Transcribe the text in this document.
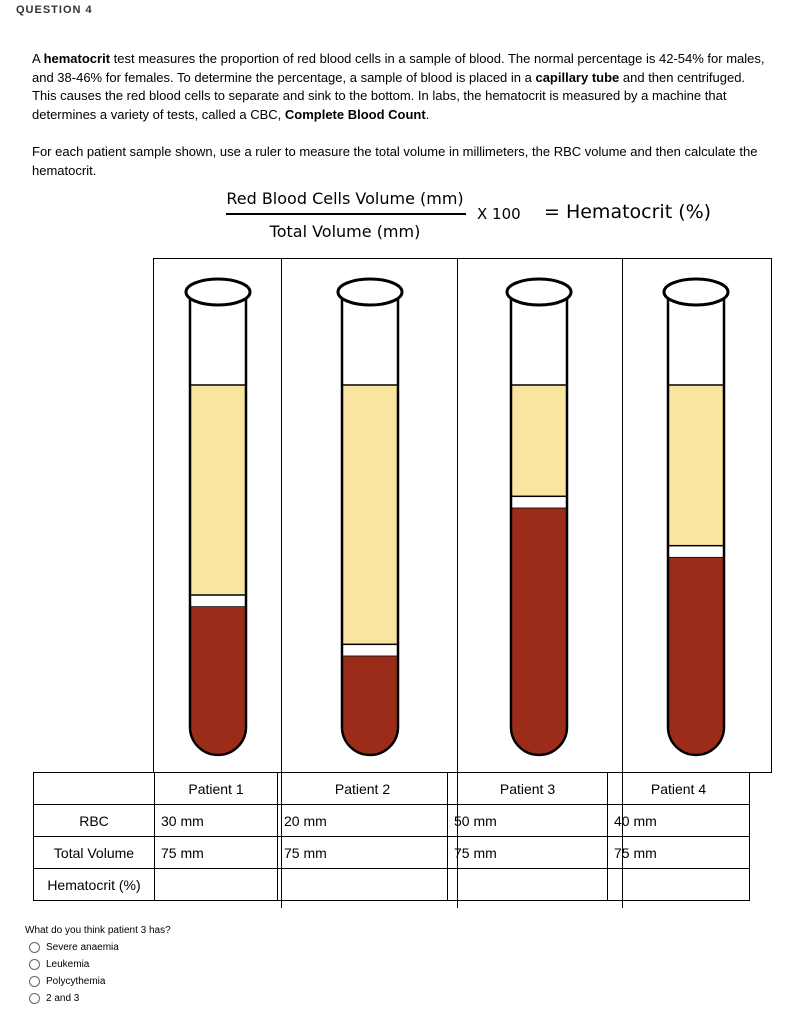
QUESTION 4
A hematocrit test measures the proportion of red blood cells in a sample of blood. The normal percentage is 42-54% for males, and 38-46% for females. To determine the percentage, a sample of blood is placed in a capillary tube and then centrifuged. This causes the red blood cells to separate and sink to the bottom. In labs, the hematocrit is measured by a machine that determines a variety of tests, called a CBC, Complete Blood Count.
For each patient sample shown, use a ruler to measure the total volume in millimeters, the RBC volume and then calculate the hematocrit.
Red Blood Cells Volume (mm)
Total Volume (mm)
X 100 = Hematocrit (%)
	Patient 1	Patient 2	Patient 3	Patient 4
RBC	30 mm	20 mm	50 mm	40 mm
Total Volume	75 mm	75 mm	75 mm	75 mm
Hematocrit (%)				
What do you think patient 3 has?
Severe anaemia
Leukemia
Polycythemia
2 and 3
